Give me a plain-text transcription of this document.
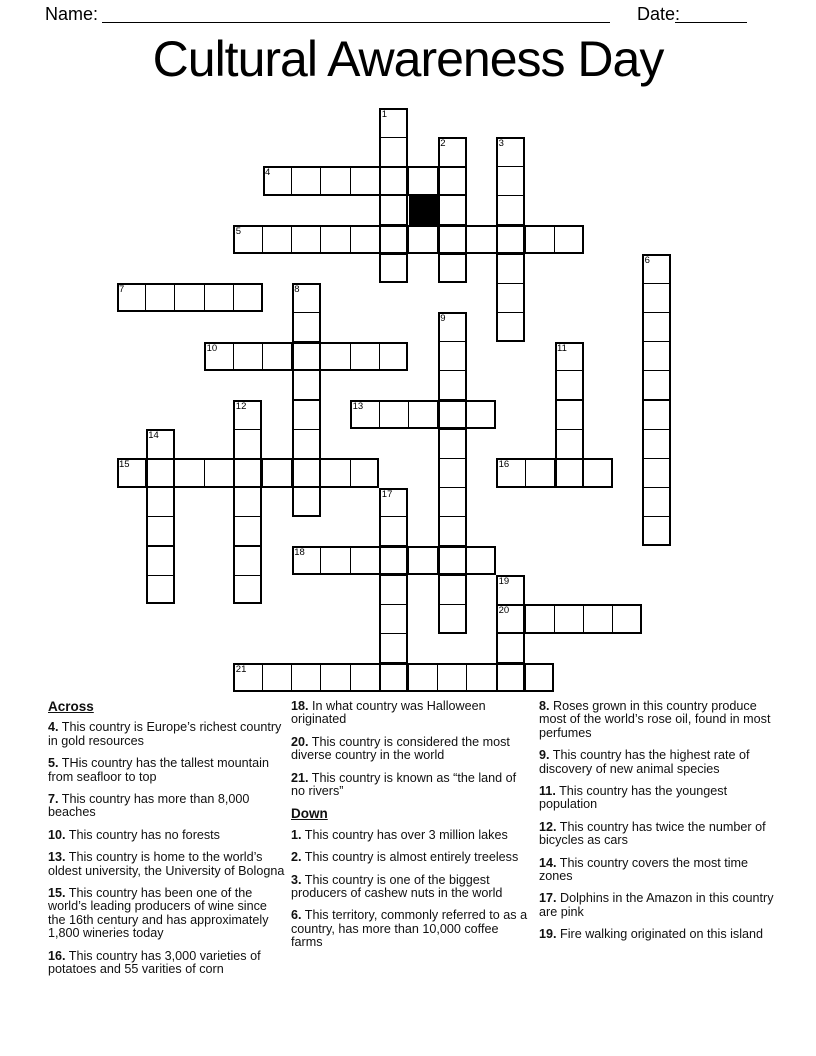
Name:	Date:
Cultural Awareness Day
1
2	3
4
5
6
7	8
9
10	11
12	13
14
15	16
17
18
19
20
21
Across
4. This country is Europe’s richest country in gold resources
5. THis country has the tallest mountain from seafloor to top
7. This country has more than 8,000 beaches
10. This country has no forests
13. This country is home to the world’s oldest university, the University of Bologna
15. This country has been one of the world’s leading producers of wine since the 16th century and has approximately 1,800 wineries today
16. This country has 3,000 varieties of potatoes and 55 varities of corn
18. In what country was Halloween originated
20. This country is considered the most diverse country in the world
21. This country is known as “the land of no rivers”
Down
1. This country has over 3 million lakes
2. This country is almost entirely treeless
3. This country is one of the biggest producers of cashew nuts in the world
6. This territory, commonly referred to as a country, has more than 10,000 coffee farms
8. Roses grown in this country produce most of the world’s rose oil, found in most perfumes
9. This country has the highest rate of discovery of new animal species
11. This country has the youngest population
12. This country has twice the number of bicycles as cars
14. This country covers the most time zones
17. Dolphins in the Amazon in this country are pink
19. Fire walking originated on this island
